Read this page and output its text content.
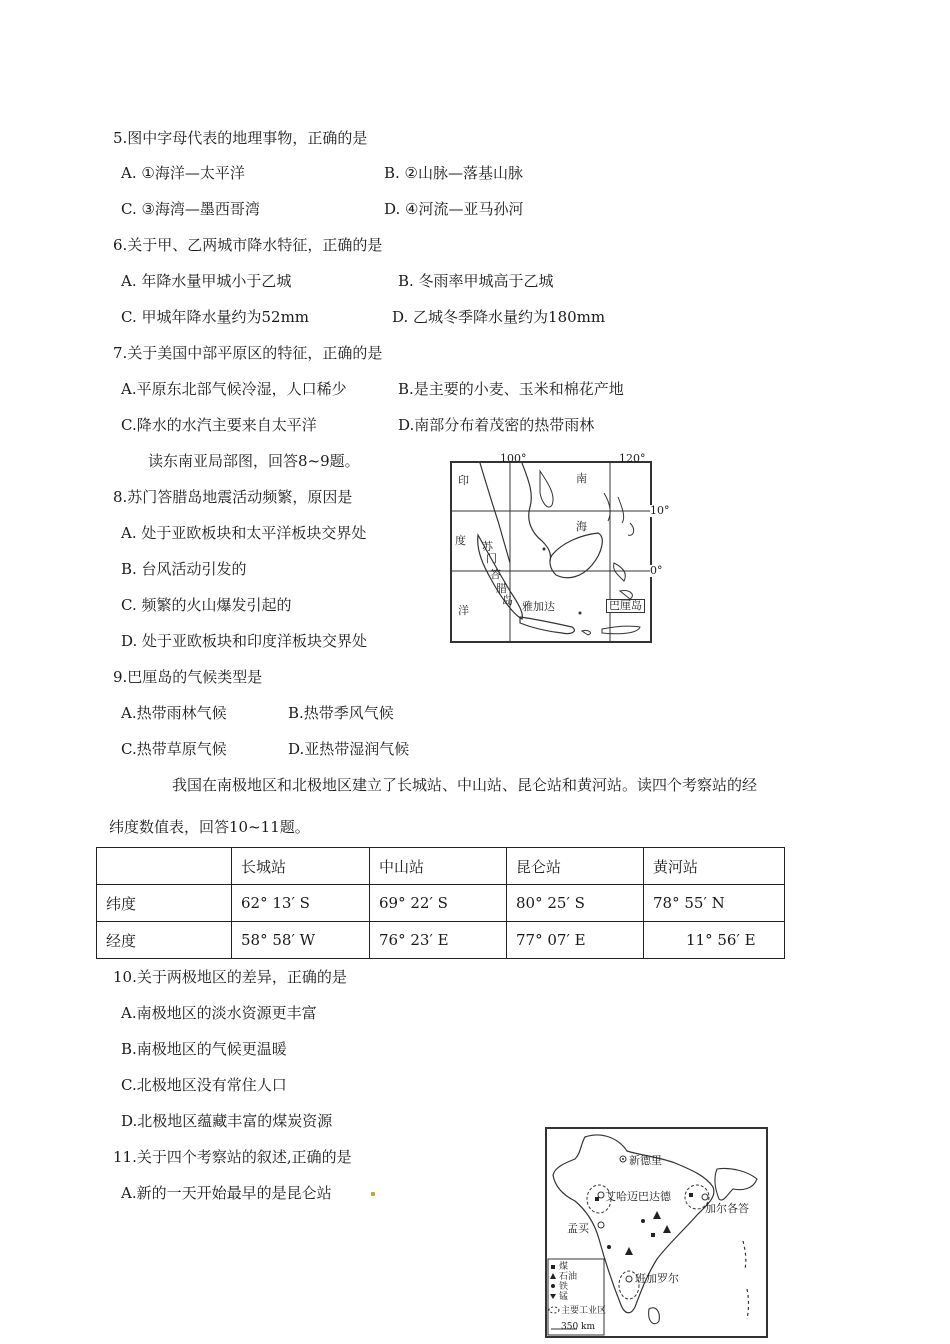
5.图中字母代表的地理事物，正确的是
A. ①海洋—太平洋	B. ②山脉—落基山脉
C. ③海湾—墨西哥湾	D. ④河流—亚马孙河
6.关于甲、乙两城市降水特征，正确的是
A. 年降水量甲城小于乙城	B. 冬雨率甲城高于乙城
C. 甲城年降水量约为52mm	D. 乙城冬季降水量约为180mm
7.关于美国中部平原区的特征，正确的是
A.平原东北部气候冷湿，人口稀少	B.是主要的小麦、玉米和棉花产地
C.降水的水汽主要来自太平洋	D.南部分布着茂密的热带雨林
读东南亚局部图，回答8~9题。
8.苏门答腊岛地震活动频繁，原因是
A. 处于亚欧板块和太平洋板块交界处
B. 台风活动引发的
C. 频繁的火山爆发引起的
D. 处于亚欧板块和印度洋板块交界处
100°	120°
10°
0°
印
度
洋
南
海
苏
门
答
腊
岛 雅加达	巴厘岛
9.巴厘岛的气候类型是
A.热带雨林气候	B.热带季风气候
C.热带草原气候	D.亚热带湿润气候
我国在南极地区和北极地区建立了长城站、中山站、昆仑站和黄河站。读四个考察站的经
纬度数值表，回答10~11题。
	长城站	中山站	昆仑站	黄河站
纬度	62° 13′ S	69° 22′ S	80° 25′ S	78° 55′ N
经度	58° 58′ W	76° 23′ E	77° 07′ E	11° 56′ E
10.关于两极地区的差异，正确的是
A.南极地区的淡水资源更丰富
B.南极地区的气候更温暖
C.北极地区没有常住人口
D.北极地区蕴藏丰富的煤炭资源
11.关于四个考察站的叙述,正确的是
A.新的一天开始最早的是昆仑站
新德里
艾哈迈巴达德
加尔各答
孟买
班加罗尔
煤
石油
铁
锰
主要工业区
350 km
